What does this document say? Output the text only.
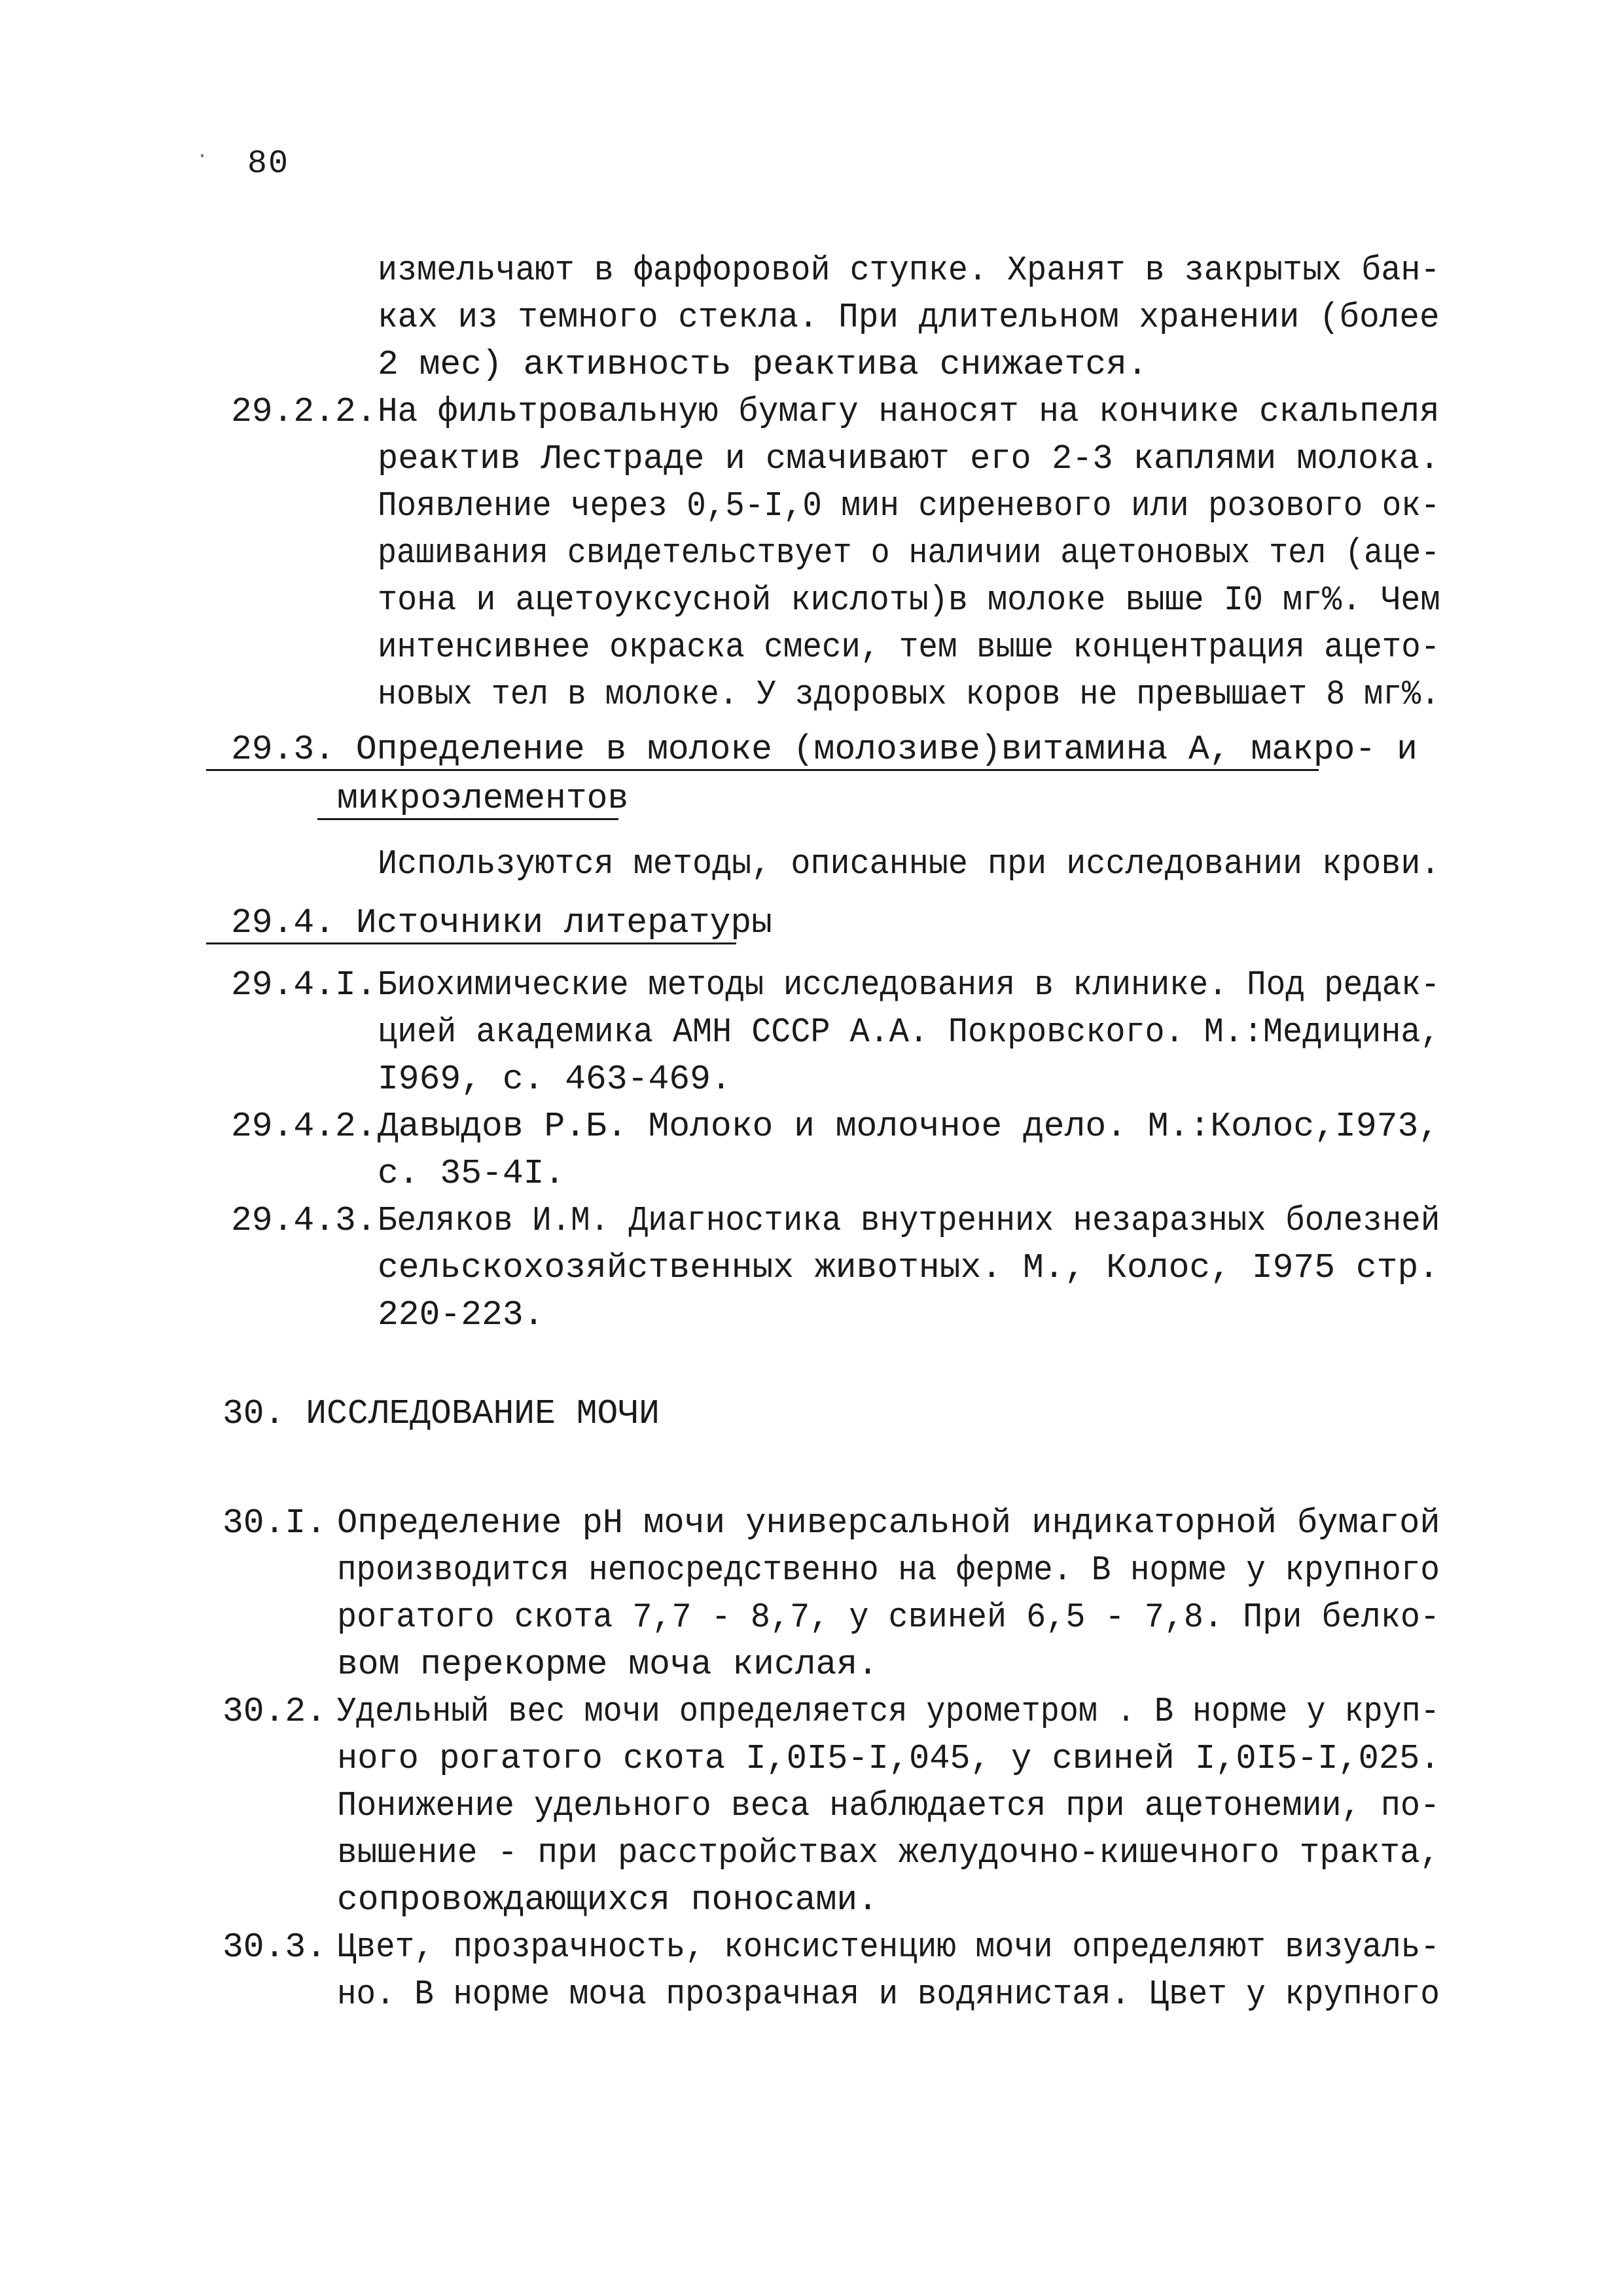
· 80
измельчают в фарфоровой ступке. Хранят в закрытых бан-
ках из темного стекла. При длительном хранении (более
2 мес) активность реактива снижается.
29.2.2. На фильтровальную бумагу наносят на кончике скальпеля
реактив Лестраде и смачивают его 2-3 каплями молока.
Появление через 0,5-I,0 мин сиреневого или розового ок-
рашивания свидетельствует о наличии ацетоновых тел (аце-
тона и ацетоуксусной кислоты)в молоке выше I0 мг%. Чем
интенсивнее окраска смеси, тем выше концентрация ацето-
новых тел в молоке. У здоровых коров не превышает 8 мг%.
29.3. Определение в молоке (молозиве)витамина А, макро- и
микроэлементов
Используются методы, описанные при исследовании крови.
29.4. Источники литературы
29.4.I. Биохимические методы исследования в клинике. Под редак-
цией академика АМН СССР А.А. Покровского. М.:Медицина,
I969, с. 463-469.
29.4.2. Давыдов Р.Б. Молоко и молочное дело. М.:Колос,I973,
с. 35-4I.
29.4.3. Беляков И.М. Диагностика внутренних незаразных болезней
сельскохозяйственных животных. М., Колос, I975 стр.
220-223.
30. ИССЛЕДОВАНИЕ МОЧИ
30.I. Определение рН мочи универсальной индикаторной бумагой
производится непосредственно на ферме. В норме у крупного
рогатого скота 7,7 - 8,7, у свиней 6,5 - 7,8. При белко-
вом перекорме моча кислая.
30.2. Удельный вес мочи определяется урометром . В норме у круп-
ного рогатого скота I,0I5-I,045, у свиней I,0I5-I,025.
Понижение удельного веса наблюдается при ацетонемии, по-
вышение - при расстройствах желудочно-кишечного тракта,
сопровождающихся поносами.
30.3. Цвет, прозрачность, консистенцию мочи определяют визуаль-
но. В норме моча прозрачная и водянистая. Цвет у крупного
